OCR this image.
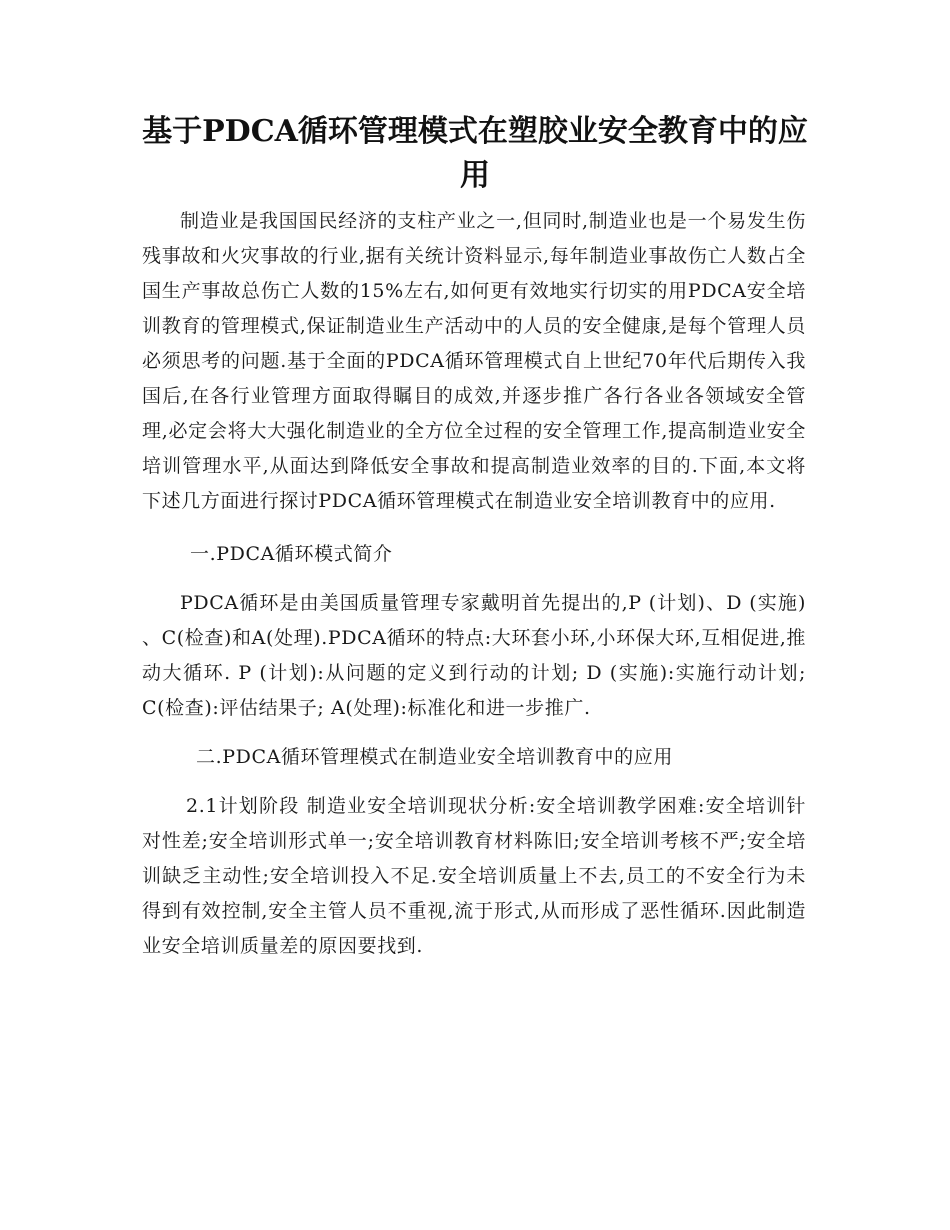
基于PDCA循环管理模式在塑胶业安全教育中的应用

制造业是我国国民经济的支柱产业之一,但同时,制造业也是一个易发生伤残事故和火灾事故的行业,据有关统计资料显示,每年制造业事故伤亡人数占全国生产事故总伤亡人数的15%左右,如何更有效地实行切实的用PDCA安全培训教育的管理模式,保证制造业生产活动中的人员的安全健康,是每个管理人员必须思考的问题.基于全面的PDCA循环管理模式自上世纪70年代后期传入我国后,在各行业管理方面取得瞩目的成效,并逐步推广各行各业各领域安全管理,必定会将大大强化制造业的全方位全过程的安全管理工作,提高制造业安全培训管理水平,从面达到降低安全事故和提高制造业效率的目的.下面,本文将下述几方面进行探讨PDCA循环管理模式在制造业安全培训教育中的应用.

一.PDCA循环模式简介

PDCA循环是由美国质量管理专家戴明首先提出的,P (计划)、D (实施) 、C(检查)和A(处理).PDCA循环的特点:大环套小环,小环保大环,互相促进,推动大循环. P (计划):从问题的定义到行动的计划; D (实施):实施行动计划; C(检查):评估结果子; A(处理):标准化和进一步推广.

二.PDCA循环管理模式在制造业安全培训教育中的应用

2.1计划阶段 制造业安全培训现状分析:安全培训教学困难:安全培训针对性差;安全培训形式单一;安全培训教育材料陈旧;安全培训考核不严;安全培训缺乏主动性;安全培训投入不足.安全培训质量上不去,员工的不安全行为未得到有效控制,安全主管人员不重视,流于形式,从而形成了恶性循环.因此制造业安全培训质量差的原因要找到.
